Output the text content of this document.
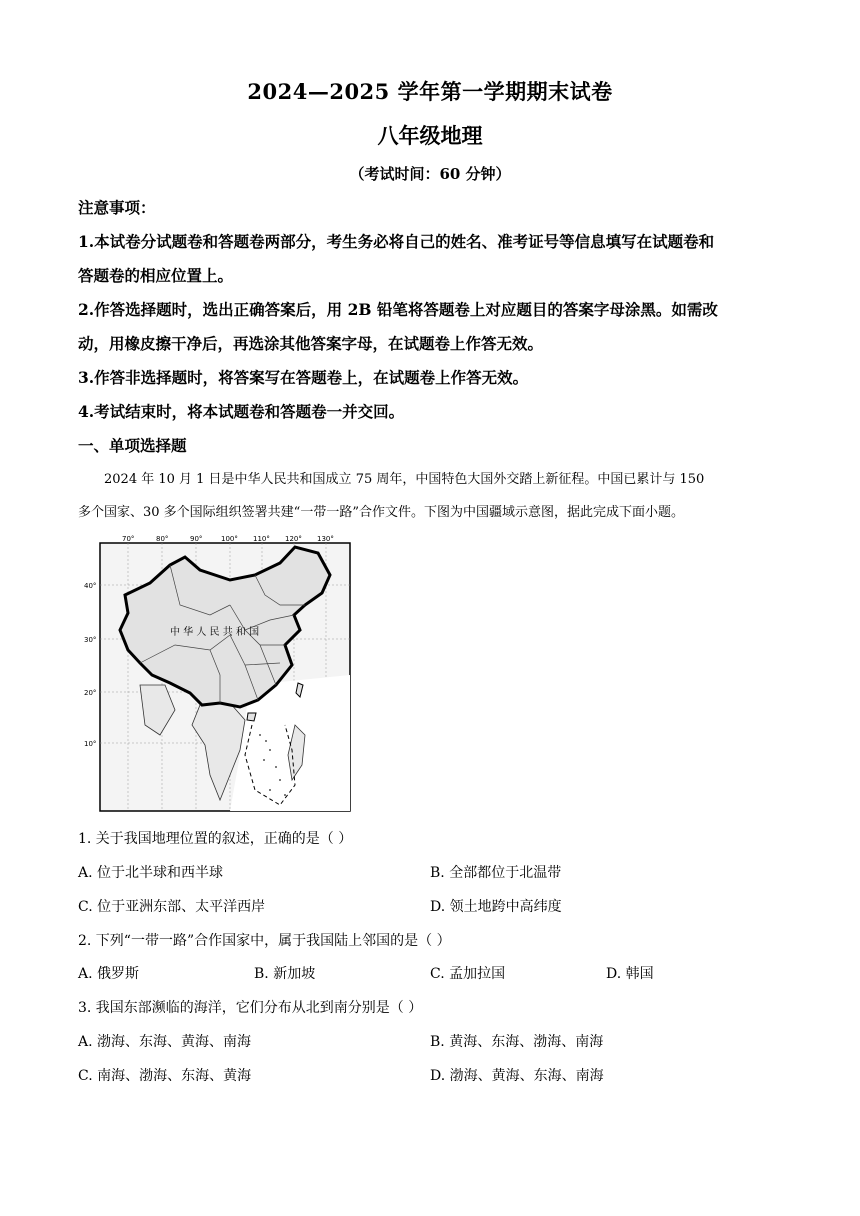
2024—2025 学年第一学期期末试卷
八年级地理
（考试时间：60 分钟）
注意事项：
1.本试卷分试题卷和答题卷两部分，考生务必将自己的姓名、准考证号等信息填写在试题卷和
答题卷的相应位置上。
2.作答选择题时，选出正确答案后，用 2B 铅笔将答题卷上对应题目的答案字母涂黑。如需改
动，用橡皮擦干净后，再选涂其他答案字母，在试题卷上作答无效。
3.作答非选择题时，将答案写在答题卷上，在试题卷上作答无效。
4.考试结束时，将本试题卷和答题卷一并交回。
一、单项选择题
2024 年 10 月 1 日是中华人民共和国成立 75 周年，中国特色大国外交踏上新征程。中国已累计与 150
多个国家、30 多个国际组织签署共建“一带一路”合作文件。下图为中国疆域示意图，据此完成下面小题。
中 华 人 民 共 和 国
70°	80°	90°	100° 110° 120° 130°
40°
30°
20°
10°
1. 关于我国地理位置的叙述，正确的是（ ）
A. 位于北半球和西半球	B. 全部都位于北温带
C. 位于亚洲东部、太平洋西岸	D. 领土地跨中高纬度
2. 下列“一带一路”合作国家中，属于我国陆上邻国的是（ ）
A. 俄罗斯	B. 新加坡	C. 孟加拉国	D. 韩国
3. 我国东部濒临的海洋，它们分布从北到南分别是（ ）
A. 渤海、东海、黄海、南海	B. 黄海、东海、渤海、南海
C. 南海、渤海、东海、黄海	D. 渤海、黄海、东海、南海
